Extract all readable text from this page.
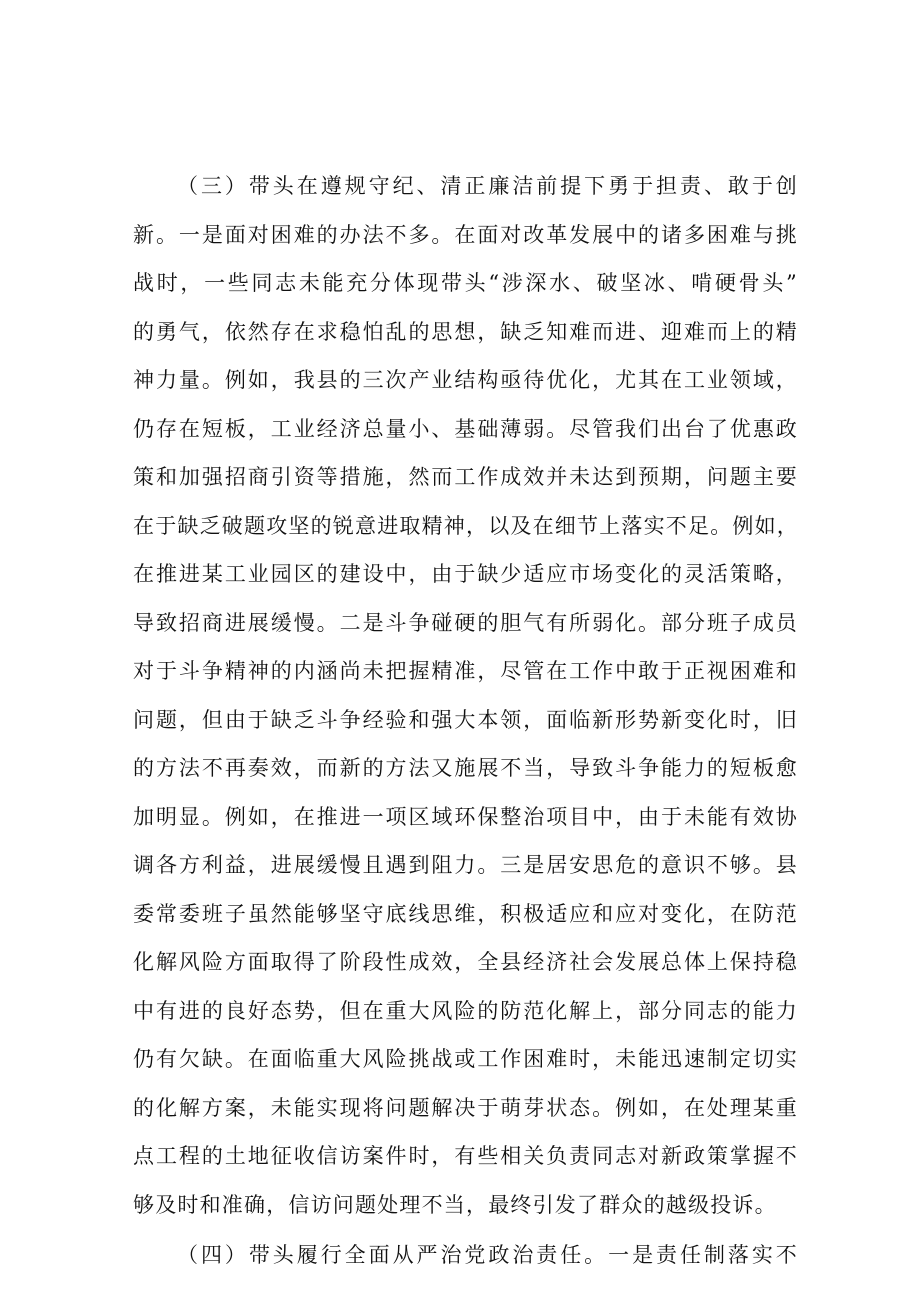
（三）带头在遵规守纪、清正廉洁前提下勇于担责、敢于创
新。一是面对困难的办法不多。在面对改革发展中的诸多困难与挑
战时，一些同志未能充分体现带头“涉深水、破坚冰、啃硬骨头”
的勇气，依然存在求稳怕乱的思想，缺乏知难而进、迎难而上的精
神力量。例如，我县的三次产业结构亟待优化，尤其在工业领域，
仍存在短板，工业经济总量小、基础薄弱。尽管我们出台了优惠政
策和加强招商引资等措施，然而工作成效并未达到预期，问题主要
在于缺乏破题攻坚的锐意进取精神，以及在细节上落实不足。例如，
在推进某工业园区的建设中，由于缺少适应市场变化的灵活策略，
导致招商进展缓慢。二是斗争碰硬的胆气有所弱化。部分班子成员
对于斗争精神的内涵尚未把握精准，尽管在工作中敢于正视困难和
问题，但由于缺乏斗争经验和强大本领，面临新形势新变化时，旧
的方法不再奏效，而新的方法又施展不当，导致斗争能力的短板愈
加明显。例如，在推进一项区域环保整治项目中，由于未能有效协
调各方利益，进展缓慢且遇到阻力。三是居安思危的意识不够。县
委常委班子虽然能够坚守底线思维，积极适应和应对变化，在防范
化解风险方面取得了阶段性成效，全县经济社会发展总体上保持稳
中有进的良好态势，但在重大风险的防范化解上，部分同志的能力
仍有欠缺。在面临重大风险挑战或工作困难时，未能迅速制定切实
的化解方案，未能实现将问题解决于萌芽状态。例如，在处理某重
点工程的土地征收信访案件时，有些相关负责同志对新政策掌握不
够及时和准确，信访问题处理不当，最终引发了群众的越级投诉。
（四）带头履行全面从严治党政治责任。一是责任制落实不
